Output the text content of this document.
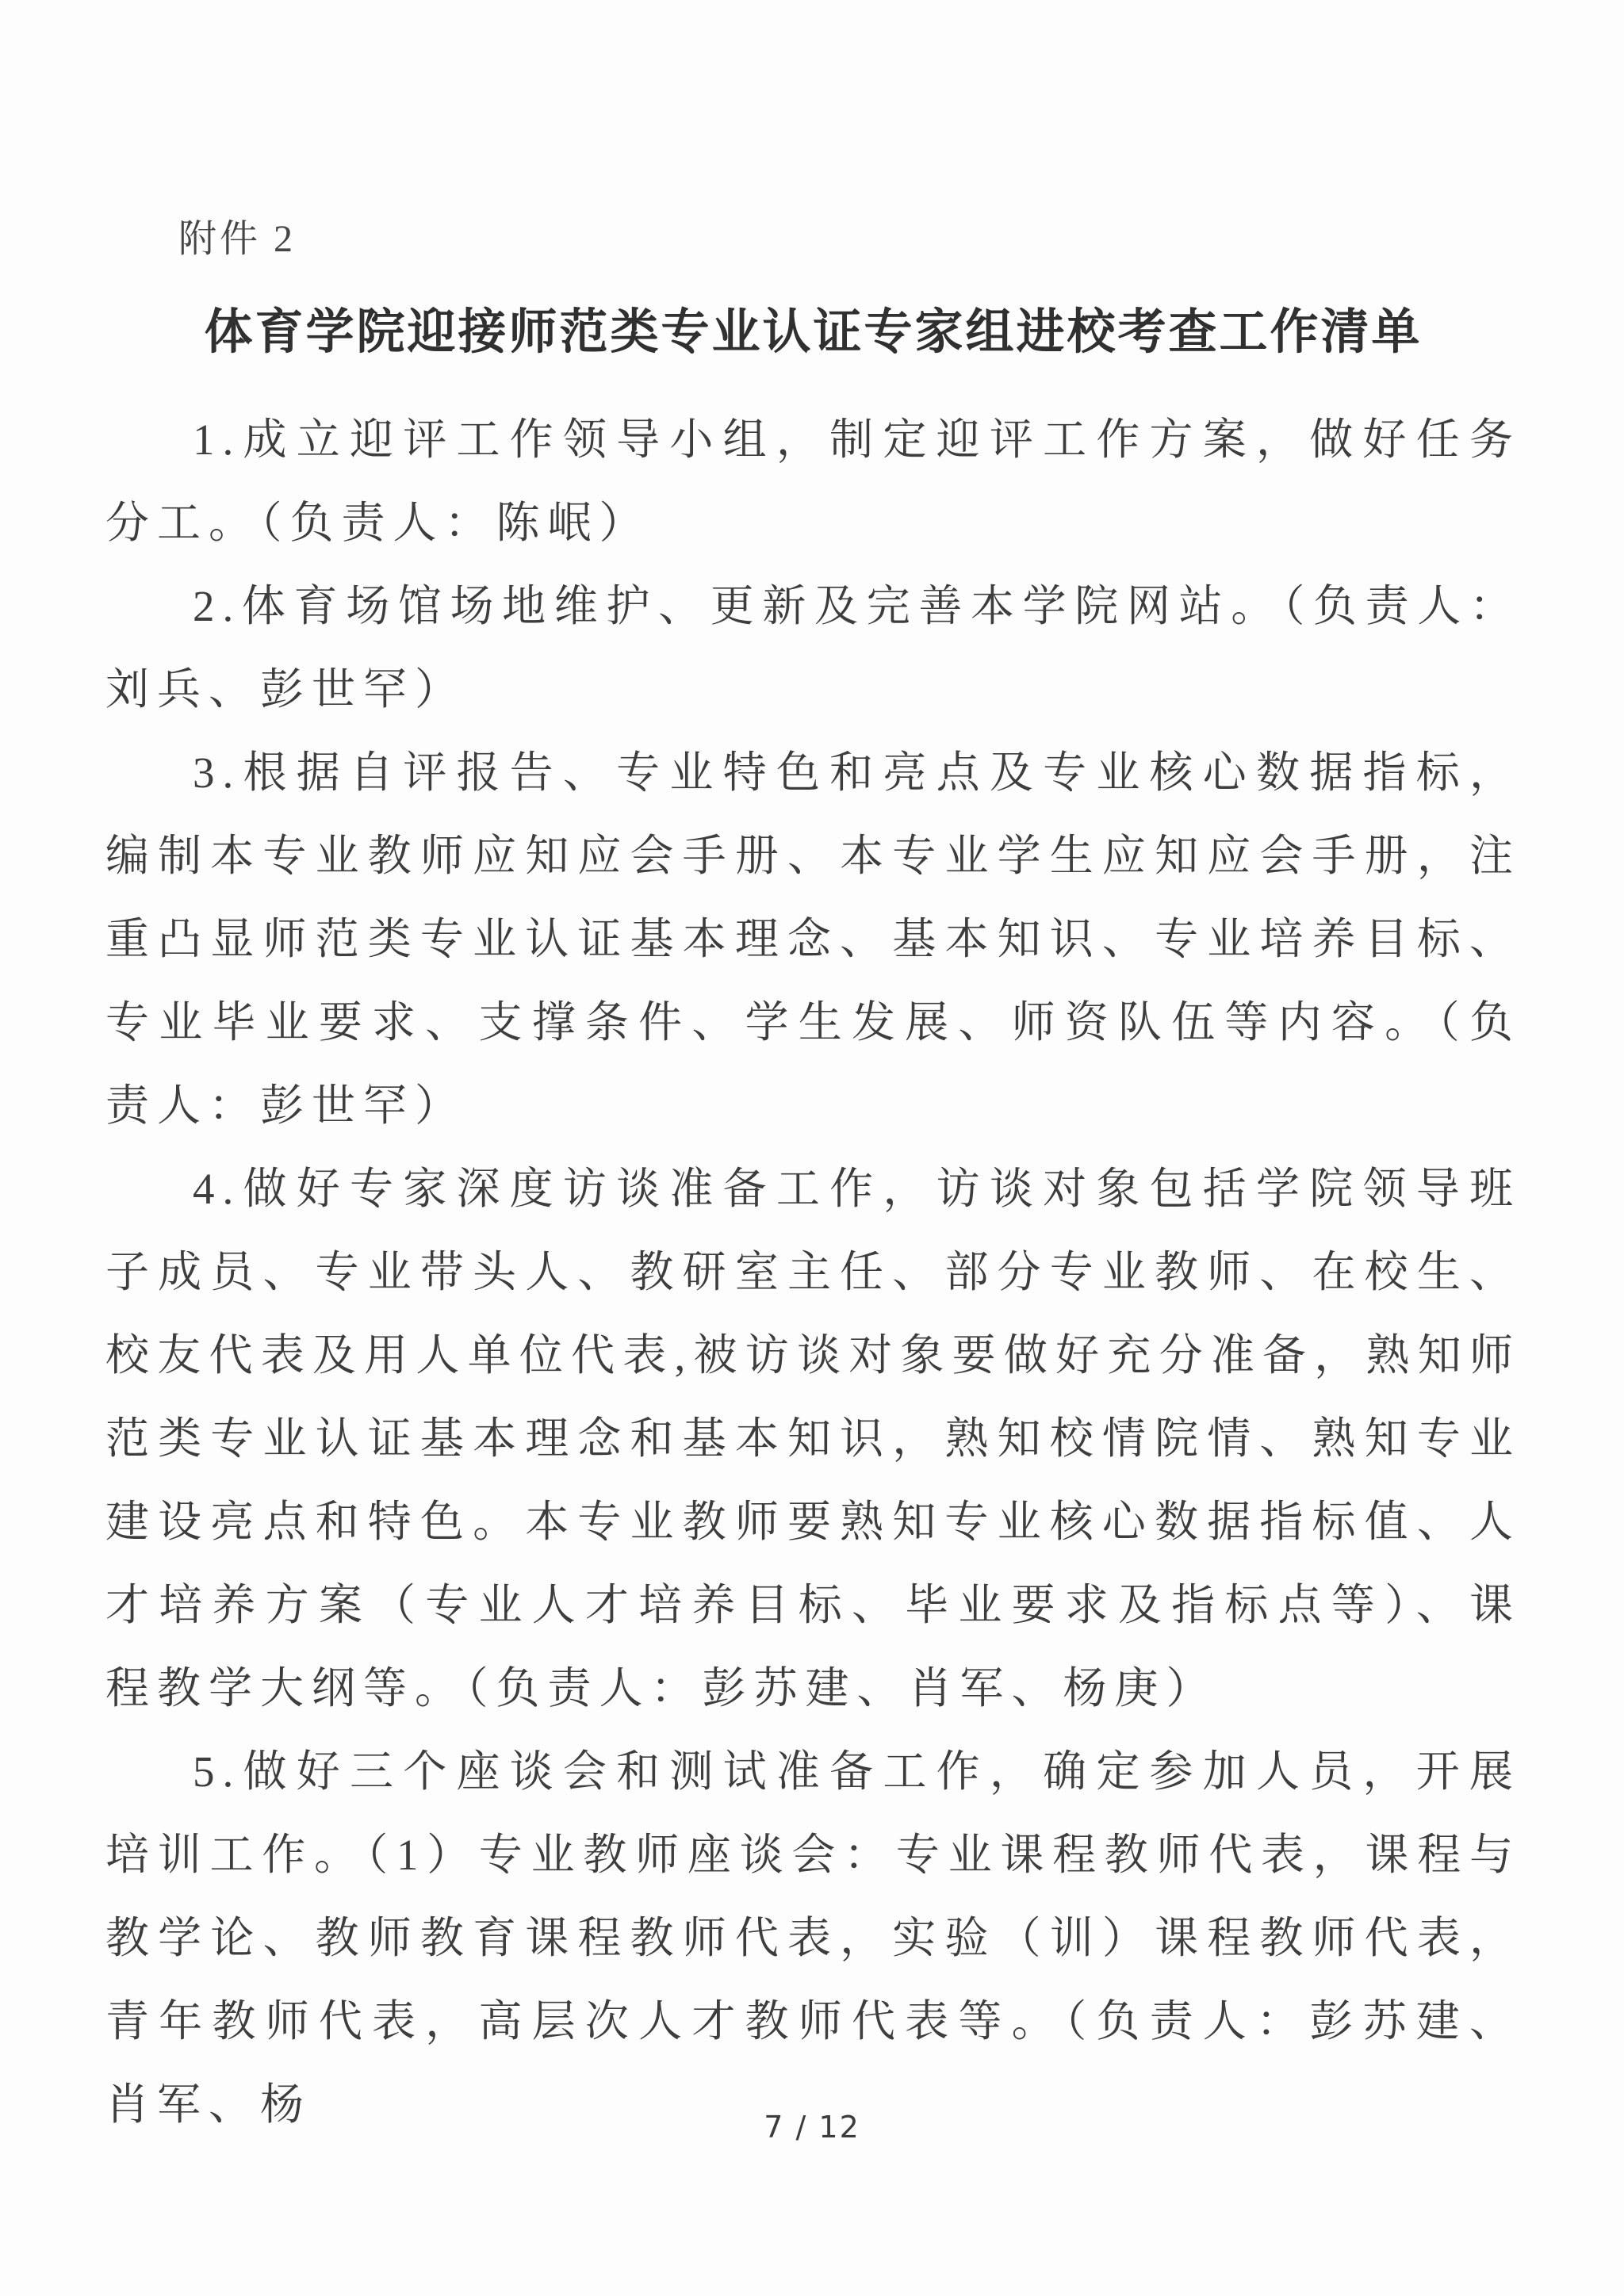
附件 2
体育学院迎接师范类专业认证专家组进校考查工作清单

1.成立迎评工作领导小组，制定迎评工作方案，做好任务分工。（负责人：陈岷）

2.体育场馆场地维护、更新及完善本学院网站。（负责人：刘兵、彭世罕）

3.根据自评报告、专业特色和亮点及专业核心数据指标，编制本专业教师应知应会手册、本专业学生应知应会手册，注重凸显师范类专业认证基本理念、基本知识、专业培养目标、专业毕业要求、支撑条件、学生发展、师资队伍等内容。（负责人：彭世罕）

4.做好专家深度访谈准备工作，访谈对象包括学院领导班子成员、专业带头人、教研室主任、部分专业教师、在校生、校友代表及用人单位代表,被访谈对象要做好充分准备，熟知师范类专业认证基本理念和基本知识，熟知校情院情、熟知专业建设亮点和特色。本专业教师要熟知专业核心数据指标值、人才培养方案（专业人才培养目标、毕业要求及指标点等）、课程教学大纲等。（负责人：彭苏建、肖军、杨庚）

5.做好三个座谈会和测试准备工作，确定参加人员，开展培训工作。（1）专业教师座谈会：专业课程教师代表，课程与教学论、教师教育课程教师代表，实验（训）课程教师代表，青年教师代表，高层次人才教师代表等。（负责人：彭苏建、肖军、杨	7 / 12
